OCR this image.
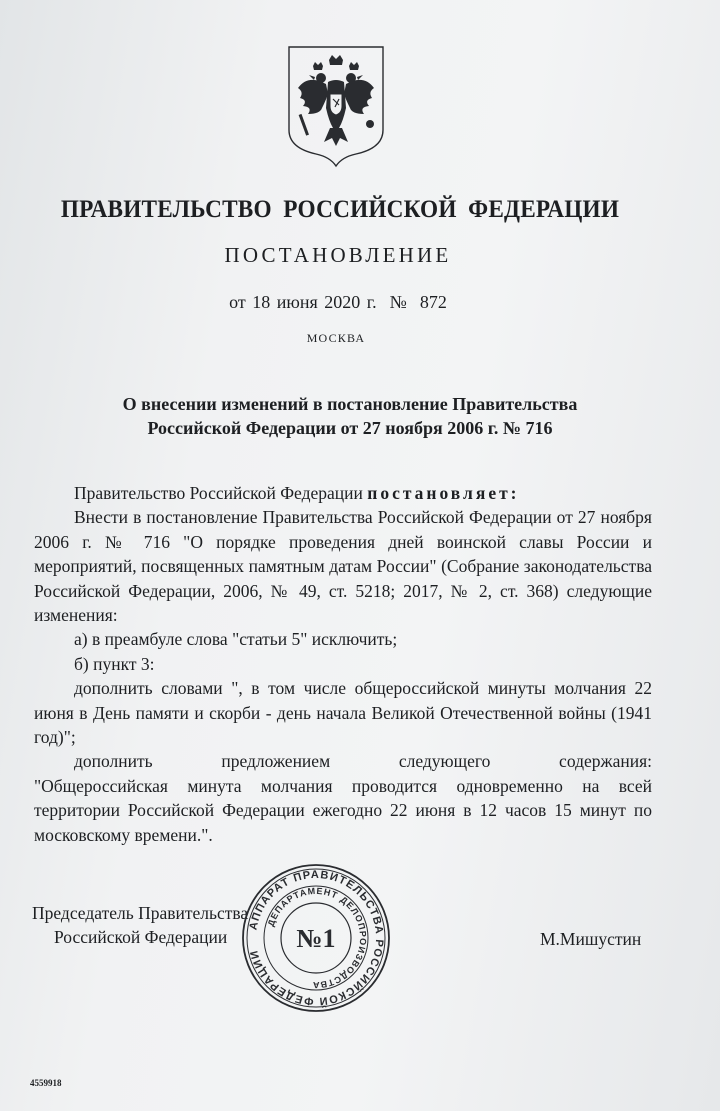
ПРАВИТЕЛЬСТВО РОССИЙСКОЙ ФЕДЕРАЦИИ
ПОСТАНОВЛЕНИЕ
от 18 июня 2020 г.  №  872
МОСКВА
О внесении изменений в постановление Правительства
Российской Федерации от 27 ноября 2006 г. № 716

Правительство Российской Федерации постановляет:

Внести в постановление Правительства Российской Федерации от 27 ноября 2006 г. № 716 "О порядке проведения дней воинской славы России и мероприятий, посвященных памятным датам России" (Собрание законодательства Российской Федерации, 2006, № 49, ст. 5218; 2017, № 2, ст. 368) следующие изменения:

а) в преамбуле слова "статьи 5" исключить;

б) пункт 3:

дополнить словами ", в том числе общероссийской минуты молчания 22 июня в День памяти и скорби - день начала Великой Отечественной войны (1941 год)";

дополнить предложением следующего содержания:

"Общероссийская минута молчания проводится одновременно на всей территории Российской Федерации ежегодно 22 июня в 12 часов 15 минут по московскому времени.".

Председатель Правительства
Российской Федерации	М.Мишустин
АППАРАТ ПРАВИТЕЛЬСТВА РОССИЙСКОЙ ФЕДЕРАЦИИ
ДЕПАРТАМЕНТ ДЕЛОПРОИЗВОДСТВА
№1
4559918
